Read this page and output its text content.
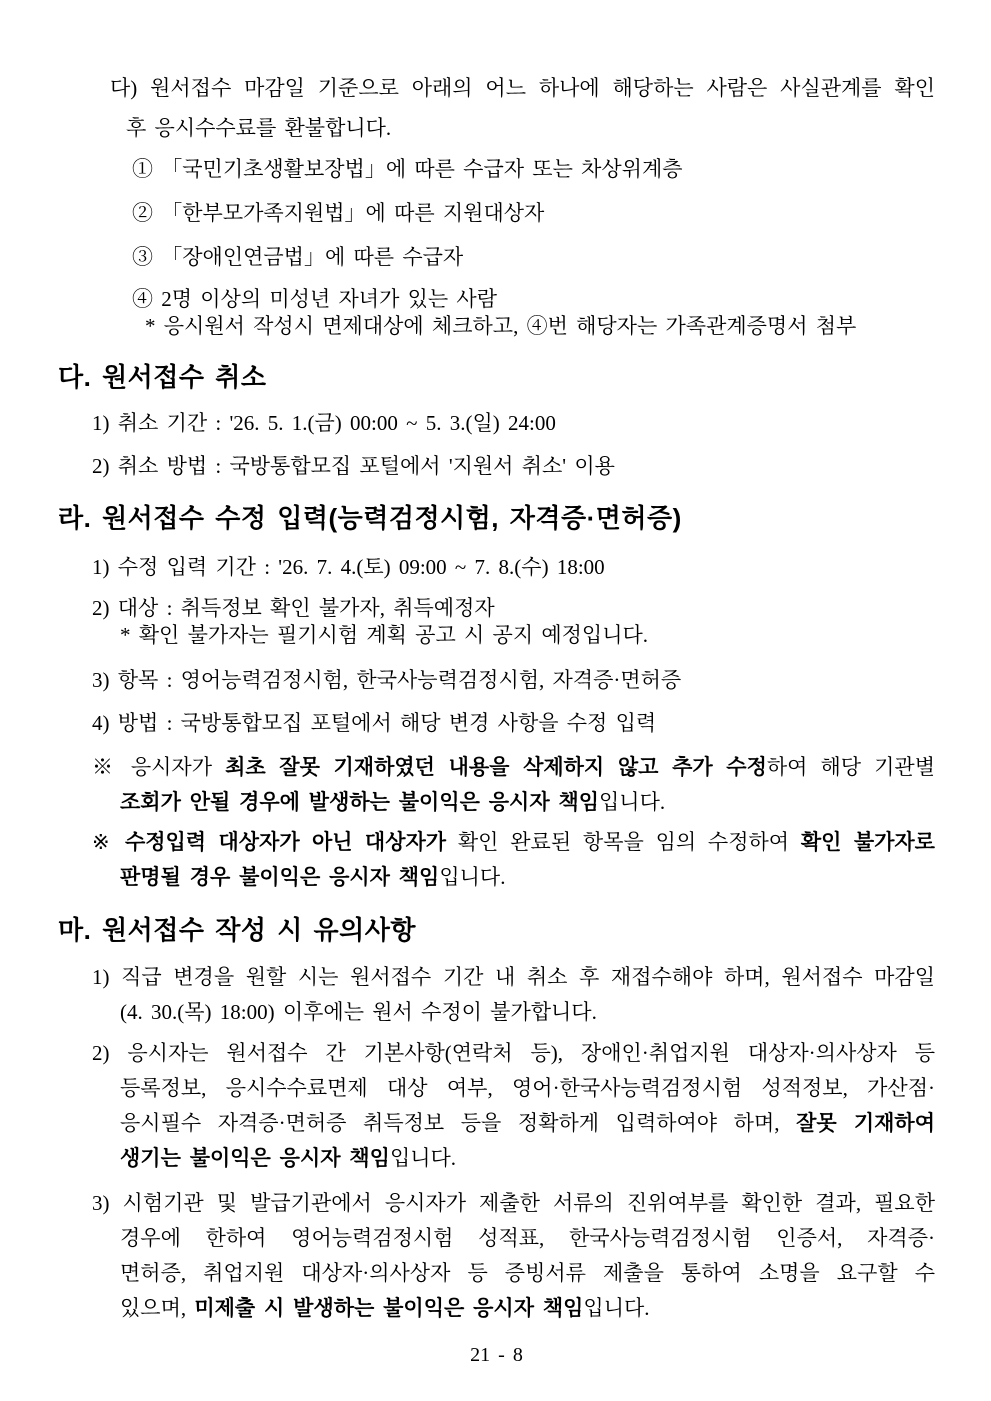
다) 원서접수 마감일 기준으로 아래의 어느 하나에 해당하는 사람은 사실관계를 확인
후 응시수수료를 환불합니다.
① 「국민기초생활보장법」에 따른 수급자 또는 차상위계층
② 「한부모가족지원법」에 따른 지원대상자
③ 「장애인연금법」에 따른 수급자
④ 2명 이상의 미성년 자녀가 있는 사람
* 응시원서 작성시 면제대상에 체크하고, ④번 해당자는 가족관계증명서 첨부
다. 원서접수 취소
1) 취소 기간 : '26. 5. 1.(금) 00:00 ~ 5. 3.(일) 24:00
2) 취소 방법 : 국방통합모집 포털에서 '지원서 취소' 이용
라. 원서접수 수정 입력(능력검정시험, 자격증·면허증)
1) 수정 입력 기간 : '26. 7. 4.(토) 09:00 ~ 7. 8.(수) 18:00
2) 대상 : 취득정보 확인 불가자, 취득예정자
* 확인 불가자는 필기시험 계획 공고 시 공지 예정입니다.
3) 항목 : 영어능력검정시험, 한국사능력검정시험, 자격증·면허증
4) 방법 : 국방통합모집 포털에서 해당 변경 사항을 수정 입력
※ 응시자가 최초 잘못 기재하였던 내용을 삭제하지 않고 추가 수정하여 해당 기관별
조회가 안될 경우에 발생하는 불이익은 응시자 책임입니다.
※ 수정입력 대상자가 아닌 대상자가 확인 완료된 항목을 임의 수정하여 확인 불가자로
판명될 경우 불이익은 응시자 책임입니다.
마. 원서접수 작성 시 유의사항
1) 직급 변경을 원할 시는 원서접수 기간 내 취소 후 재접수해야 하며, 원서접수 마감일
(4. 30.(목) 18:00) 이후에는 원서 수정이 불가합니다.
2) 응시자는 원서접수 간 기본사항(연락처 등), 장애인·취업지원 대상자·의사상자 등
등록정보, 응시수수료면제 대상 여부, 영어·한국사능력검정시험 성적정보, 가산점·
응시필수 자격증·면허증 취득정보 등을 정확하게 입력하여야 하며, 잘못 기재하여
생기는 불이익은 응시자 책임입니다.
3) 시험기관 및 발급기관에서 응시자가 제출한 서류의 진위여부를 확인한 결과, 필요한
경우에 한하여 영어능력검정시험 성적표, 한국사능력검정시험 인증서, 자격증·
면허증, 취업지원 대상자·의사상자 등 증빙서류 제출을 통하여 소명을 요구할 수
있으며, 미제출 시 발생하는 불이익은 응시자 책임입니다.
21 - 8
